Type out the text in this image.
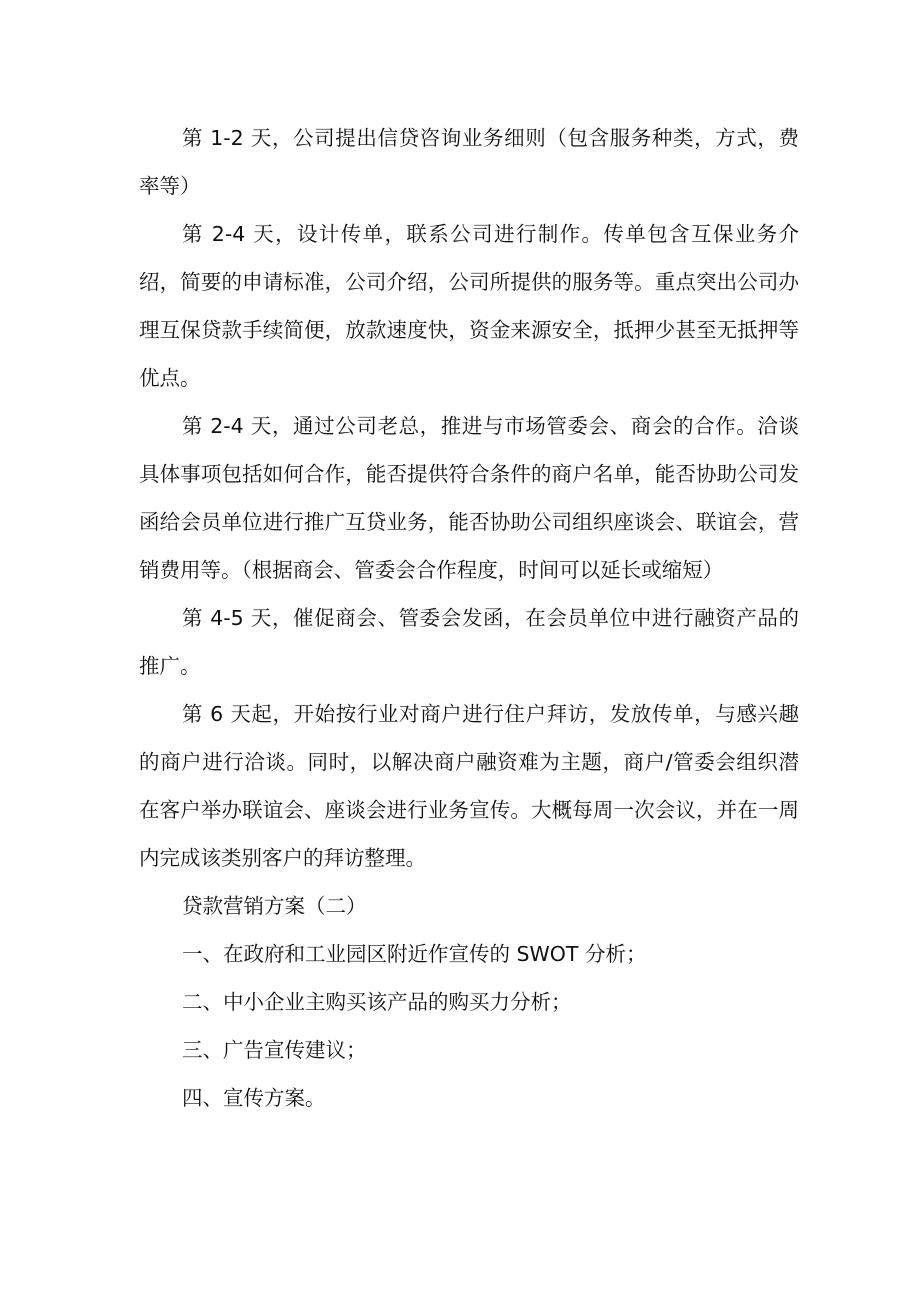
第 1-2 天，公司提出信贷咨询业务细则（包含服务种类，方式，费率等）

第 2-4 天，设计传单，联系公司进行制作。传单包含互保业务介绍，简要的申请标准，公司介绍，公司所提供的服务等。重点突出公司办理互保贷款手续简便，放款速度快，资金来源安全，抵押少甚至无抵押等优点。

第 2-4 天，通过公司老总，推进与市场管委会、商会的合作。洽谈具体事项包括如何合作，能否提供符合条件的商户名单，能否协助公司发函给会员单位进行推广互贷业务，能否协助公司组织座谈会、联谊会，营销费用等。（根据商会、管委会合作程度，时间可以延长或缩短）

第 4-5 天，催促商会、管委会发函，在会员单位中进行融资产品的推广。

第 6 天起，开始按行业对商户进行住户拜访，发放传单，与感兴趣的商户进行洽谈。同时，以解决商户融资难为主题，商户/管委会组织潜在客户举办联谊会、座谈会进行业务宣传。大概每周一次会议，并在一周内完成该类别客户的拜访整理。

贷款营销方案（二）

一、在政府和工业园区附近作宣传的 SWOT 分析；

二、中小企业主购买该产品的购买力分析；

三、广告宣传建议；

四、宣传方案。
